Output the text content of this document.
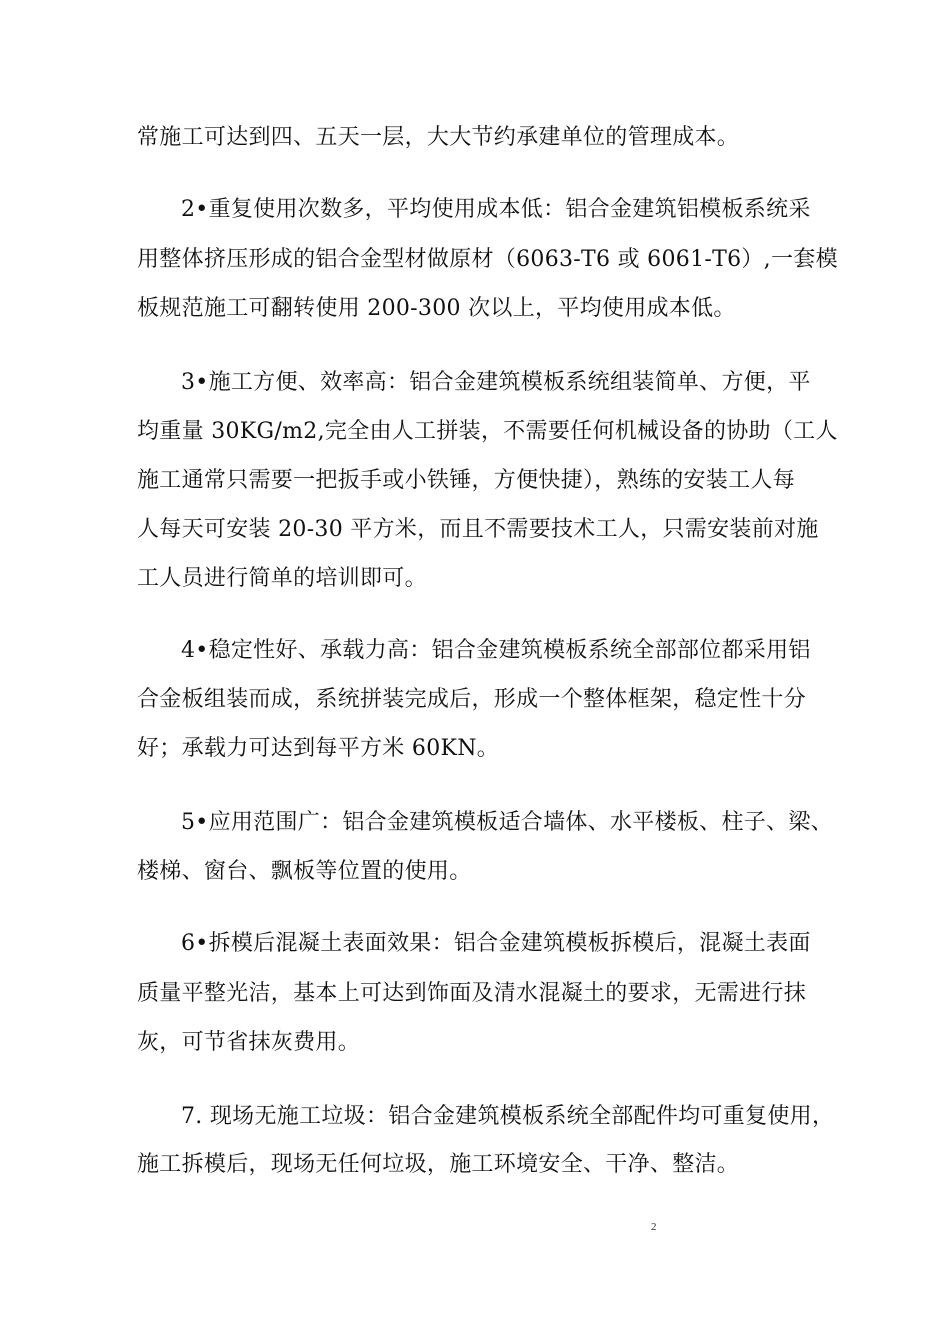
常施工可达到四、五天一层，大大节约承建单位的管理成本。
2•重复使用次数多，平均使用成本低：铝合金建筑铝模板系统采
用整体挤压形成的铝合金型材做原材（6063-T6 或 6061-T6）,一套模
板规范施工可翻转使用 200-300 次以上，平均使用成本低。
3•施工方便、效率高：铝合金建筑模板系统组装简单、方便，平
均重量 30KG/m2,完全由人工拼装，不需要任何机械设备的协助（工人
施工通常只需要一把扳手或小铁锤，方便快捷），熟练的安装工人每
人每天可安装 20-30 平方米，而且不需要技术工人，只需安装前对施
工人员进行简单的培训即可。
4•稳定性好、承载力高：铝合金建筑模板系统全部部位都采用铝
合金板组装而成，系统拼装完成后，形成一个整体框架，稳定性十分
好；承载力可达到每平方米 60KN。
5•应用范围广：铝合金建筑模板适合墙体、水平楼板、柱子、梁、
楼梯、窗台、飘板等位置的使用。
6•拆模后混凝土表面效果：铝合金建筑模板拆模后，混凝土表面
质量平整光洁，基本上可达到饰面及清水混凝土的要求，无需进行抹
灰，可节省抹灰费用。
7. 现场无施工垃圾：铝合金建筑模板系统全部配件均可重复使用，
施工拆模后，现场无任何垃圾，施工环境安全、干净、整洁。
2
